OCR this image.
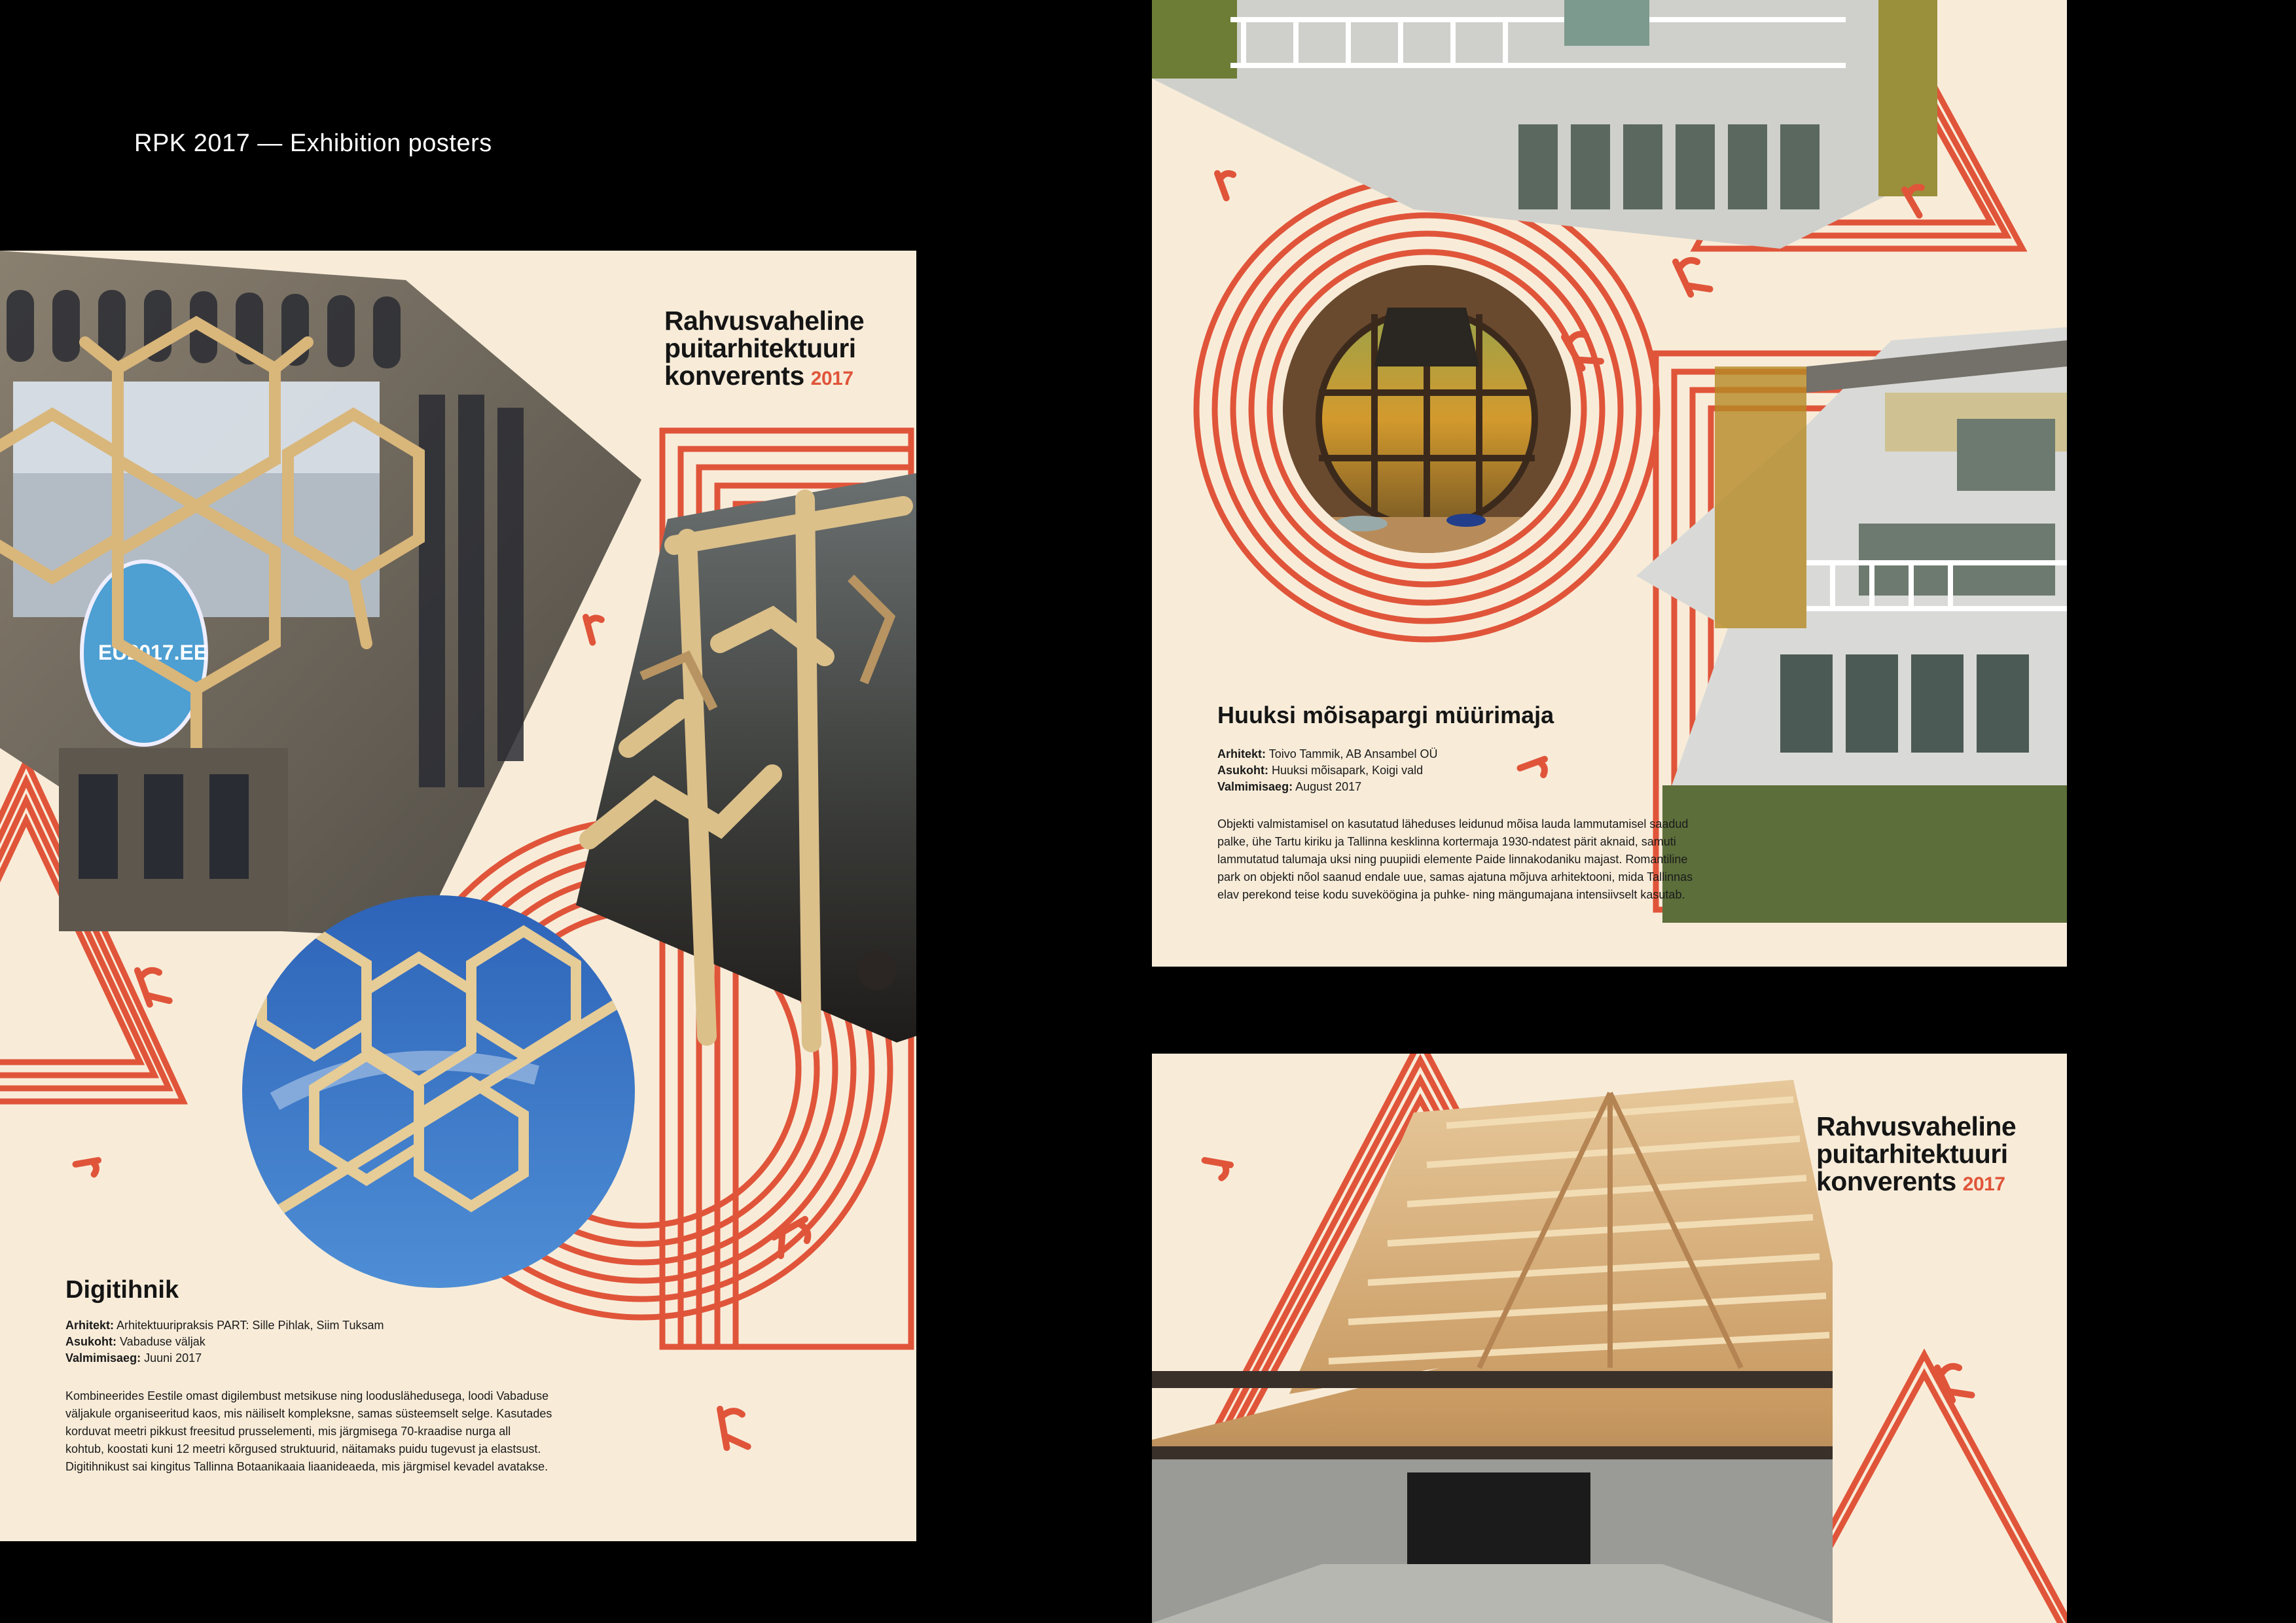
RPK 2017 — Exhibition posters
EU2017.EE
Rahvusvaheline
puitarhitektuuri
konverents 2017
Digitihnik
Arhitekt: Arhitektuuripraksis PART: Sille Pihlak, Siim Tuksam
Asukoht: Vabaduse väljak
Valmimisaeg: Juuni 2017
Kombineerides Eestile omast digilembust metsikuse ning looduslähedusega, loodi Vabaduse
väljakule organiseeritud kaos, mis näiliselt kompleksne, samas süsteemselt selge. Kasutades
korduvat meetri pikkust freesitud prusselementi, mis järgmisega 70-kraadise nurga all
kohtub, koostati kuni 12 meetri kõrgused struktuurid, näitamaks puidu tugevust ja elastsust.
Digitihnikust sai kingitus Tallinna Botaanikaaia liaanideaeda, mis järgmisel kevadel avatakse.
Huuksi mõisapargi müürimaja
Arhitekt: Toivo Tammik, AB Ansambel OÜ
Asukoht: Huuksi mõisapark, Koigi vald
Valmimisaeg: August 2017
Objekti valmistamisel on kasutatud läheduses leidunud mõisa lauda lammutamisel saadud
palke, ühe Tartu kiriku ja Tallinna kesklinna kortermaja 1930-ndatest pärit aknaid, samuti
lammutatud talumaja uksi ning puupiidi elemente Paide linnakodaniku majast. Romantiline
park on objekti nõol saanud endale uue, samas ajatuna mõjuva arhitektooni, mida Tallinnas
elav perekond teise kodu suveköögina ja puhke- ning mängumajana intensiivselt kasutab.
Rahvusvaheline
puitarhitektuuri
konverents 2017
